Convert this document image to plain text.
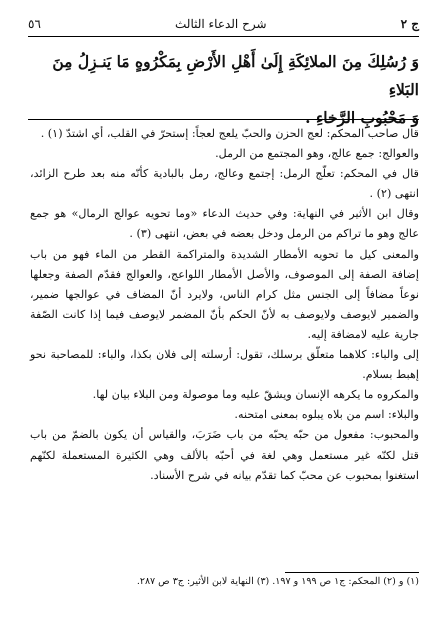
ج ٢
شرح الدعاء الثالث
٥٦
وَ رُسُلِكَ مِنَ الملائِكَةِ إِلَىٰ أَهْلِ الأَرْضِ بِمَكْرُوهٍ مَا يَنـزِلُ مِنَ البَلاءِ
وَ مَحْبُوبِ الرَّخاءِ .

قال صاحب المحكم: لعج الحزن والحبّ يلعج لعجاً: إستحرّ في القلب، أي اشتدّ (١) .

والعوالج: جمع عالج، وهو المجتمع من الرمل.

قال في المحكم: تعلّج الرمل: إجتمع وعالج، رمل بالبادية كأنّه منه بعد طرح الزائد، انتهى (٢) .

وقال ابن الأثير في النهاية: وفي حديث الدعاء «وما تحويه عوالج الرمال» هو جمع عالج وهو ما تراكم من الرمل ودخل بعضه في بعض، انتهى (٣) .

والمعنى كيل ما تحويه الأمطار الشديدة والمتراكمة القطر من الماء فهو من باب إضافة الصفة إلى الموصوف، والأصل الأمطار اللواعج، والعوالج فقدّم الصفة وجعلها نوعاً مضافاً إلى الجنس مثل كرام الناس، ولايرد أنّ المضاف في عوالجها ضمير، والضمير لايوصف ولايوصف به لأنّ الحكم بأنّ المضمر لايوصف فيما إذا كانت الصّفة جارية عليه لامضافة إليه.

إلى والباء: كلاهما متعلّق برسلك، تقول: أرسلته إلى فلان بكذا، والباء: للمصاحبة نحو إهبط بسلام.

والمكروه ما يكرهه الإنسان ويشقّ عليه وما موصولة ومن البلاء بيان لها.

والبلاء: اسم من بلاه يبلوه بمعنى امتحنه.

والمحبوب: مفعول من حبّه يحبّه من باب ضَرَبَ، والقياس أن يكون بالضمّ من باب قتل لكنّه غير مستعمل وهي لغة في أحبّه بالألف وهي الكثيرة المستعملة لكنّهم استغنوا بمحبوب عن محبّ كما تقدّم بيانه في شرح الأسناد.

(١) و (٢) المحكم: ج١ ص ١٩٩ و ١٩٧. (٣) النهاية لابن الأثير: ج٣ ص ٢٨٧.
